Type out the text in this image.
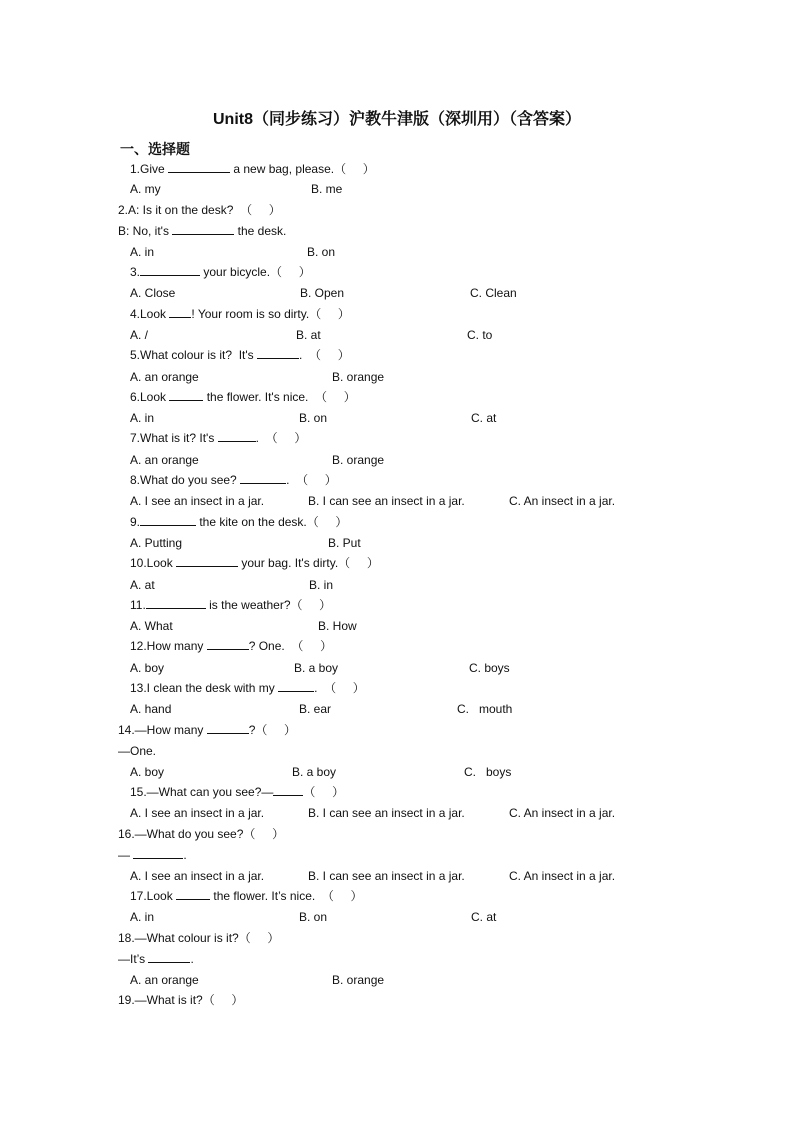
Unit8（同步练习）沪教牛津版（深圳用）（含答案）
一、选择题
1.Give	a new bag, please.（     ）
A. my	B. me
2.A: Is it on the desk?  （     ）
B: No, it's	the desk.
A. in	B. on
3.	your bicycle.（     ）
A. Close	B. Open	C. Clean
4.Look ! Your room is so dirty.（     ）
A. /	B. at	C. to
5.What colour is it?  It's	.  （     ）
A. an orange	B. orange
6.Look	the flower. It's nice.  （     ）
A. in	B. on	C. at
7.What is it? It's	.  （     ）
A. an orange	B. orange
8.What do you see?	.  （     ）
A. I see an insect in a jar.	B. I can see an insect in a jar.	C. An insect in a jar.
9.	the kite on the desk.（     ）
A. Putting	B. Put
10.Look	your bag. It's dirty.（     ）
A. at	B. in
11.	is the weather?（     ）
A. What	B. How
12.How many	? One.  （     ）
A. boy	B. a boy	C. boys
13.I clean the desk with my	.  （     ）
A. hand	B. ear	C.   mouth
14.—How many	?（     ）
—One.
A. boy	B. a boy	C.   boys
15.—What can you see?—	（     ）
A. I see an insect in a jar.	B. I can see an insect in a jar.	C. An insect in a jar.
16.—What do you see?（     ）
—	.
A. I see an insect in a jar.	B. I can see an insect in a jar.	C. An insect in a jar.
17.Look	the flower. It’s nice.  （     ）
A. in	B. on	C. at
18.—What colour is it?（     ）
—It’s	.
A. an orange	B. orange
19.—What is it?（     ）
